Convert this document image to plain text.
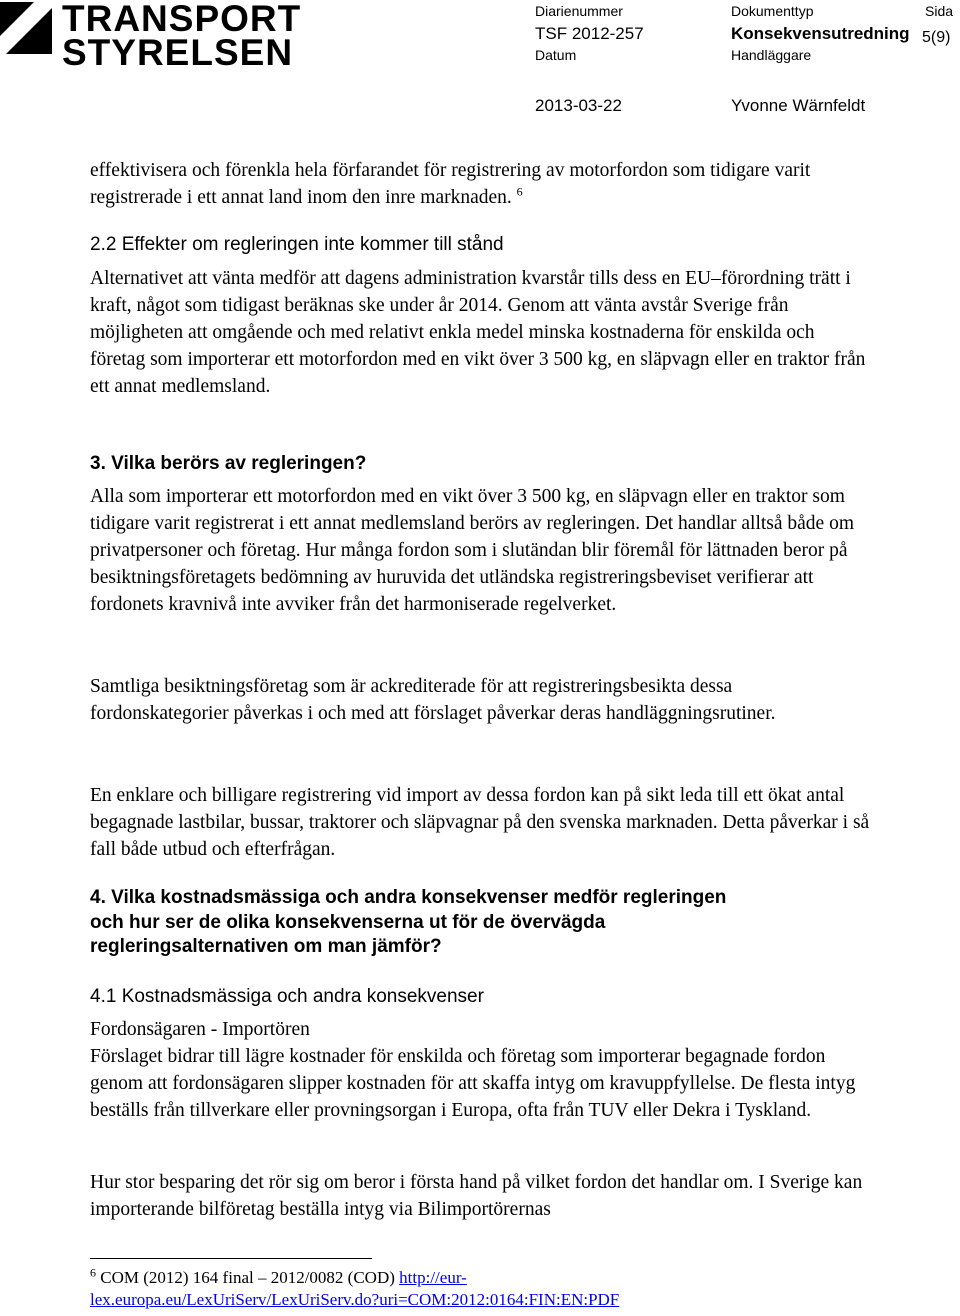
TRANSPORT
STYRELSEN
Diarienummer
TSF 2012-257
Dokumenttyp
Konsekvensutredning
Sida
5(9)
Datum
2013-03-22
Handläggare
Yvonne Wärnfeldt

effektivisera och förenkla hela förfarandet för registrering av motorfordon som tidigare varit registrerade i ett annat land inom den inre marknaden. $^6$

2.2 Effekter om regleringen inte kommer till stånd

Alternativet att vänta medför att dagens administration kvarstår tills dess en EU–förordning trätt i kraft, något som tidigast beräknas ske under år 2014. Genom att vänta avstår Sverige från möjligheten att omgående och med relativt enkla medel minska kostnaderna för enskilda och företag som importerar ett motorfordon med en vikt över 3 500 kg, en släpvagn eller en traktor från ett annat medlemsland.

3. Vilka berörs av regleringen?

Alla som importerar ett motorfordon med en vikt över 3 500 kg, en släpvagn eller en traktor som tidigare varit registrerat i ett annat medlemsland berörs av regleringen. Det handlar alltså både om privatpersoner och företag. Hur många fordon som i slutändan blir föremål för lättnaden beror på besiktningsföretagets bedömning av huruvida det utländska registreringsbeviset verifierar att fordonets kravnivå inte avviker från det harmoniserade regelverket.

Samtliga besiktningsföretag som är ackrediterade för att registreringsbesikta dessa fordonskategorier påverkas i och med att förslaget påverkar deras handläggningsrutiner.

En enklare och billigare registrering vid import av dessa fordon kan på sikt leda till ett ökat antal begagnade lastbilar, bussar, traktorer och släpvagnar på den svenska marknaden. Detta påverkar i så fall både utbud och efterfrågan.

4. Vilka kostnadsmässiga och andra konsekvenser medför regleringen
och hur ser de olika konsekvenserna ut för de övervägda
regleringsalternativen om man jämför?
4.1 Kostnadsmässiga och andra konsekvenser
Fordonsägaren - Importören

Förslaget bidrar till lägre kostnader för enskilda och företag som importerar begagnade fordon genom att fordonsägaren slipper kostnaden för att skaffa intyg om kravuppfyllelse. De flesta intyg beställs från tillverkare eller provningsorgan i Europa, ofta från TUV eller Dekra i Tyskland.

Hur stor besparing det rör sig om beror i första hand på vilket fordon det handlar om. I Sverige kan importerande bilföretag beställa intyg via Bilimportörernas

$^6$ COM (2012) 164 final – 2012/0082 (COD) http://eur-
lex.europa.eu/LexUriServ/LexUriServ.do?uri=COM:2012:0164:FIN:EN:PDF
